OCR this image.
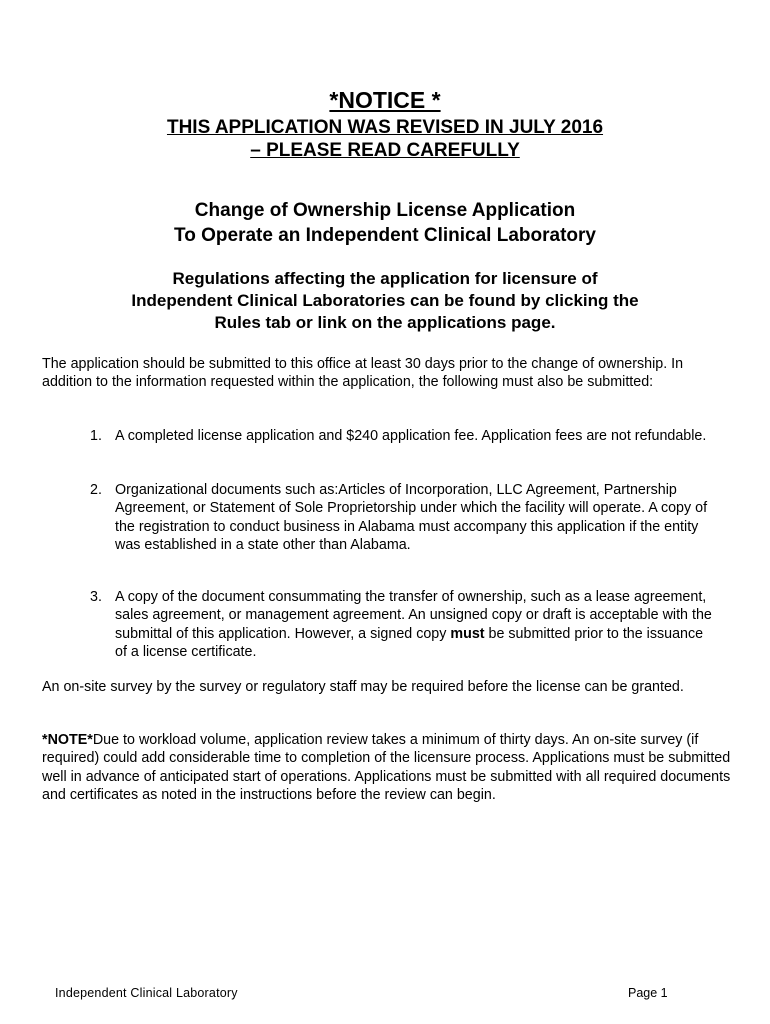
*NOTICE *
THIS APPLICATION WAS REVISED IN JULY 2016
– PLEASE READ CAREFULLY
Change of Ownership License Application
To Operate an Independent Clinical Laboratory
Regulations affecting the application for licensure of
Independent Clinical Laboratories can be found by clicking the
Rules tab or link on the applications page.

The application should be submitted to this office at least 30 days prior to the change of ownership. In addition to the information requested within the application, the following must also be submitted:

1. A completed license application and $240 application fee. Application fees are not refundable.
2. Organizational documents such as:Articles of Incorporation, LLC Agreement, Partnership Agreement, or Statement of Sole Proprietorship under which the facility will operate. A copy of the registration to conduct business in Alabama must accompany this application if the entity was established in a state other than Alabama.
3. A copy of the document consummating the transfer of ownership, such as a lease agreement, sales agreement, or management agreement. An unsigned copy or draft is acceptable with the submittal of this application. However, a signed copy must be submitted prior to the issuance of a license certificate.

An on-site survey by the survey or regulatory staff may be required before the license can be granted.

*NOTE*Due to workload volume, application review takes a minimum of thirty days. An on-site survey (if required) could add considerable time to completion of the licensure process. Applications must be submitted well in advance of anticipated start of operations. Applications must be submitted with all required documents and certificates as noted in the instructions before the review can begin.

Independent Clinical Laboratory	Page 1
